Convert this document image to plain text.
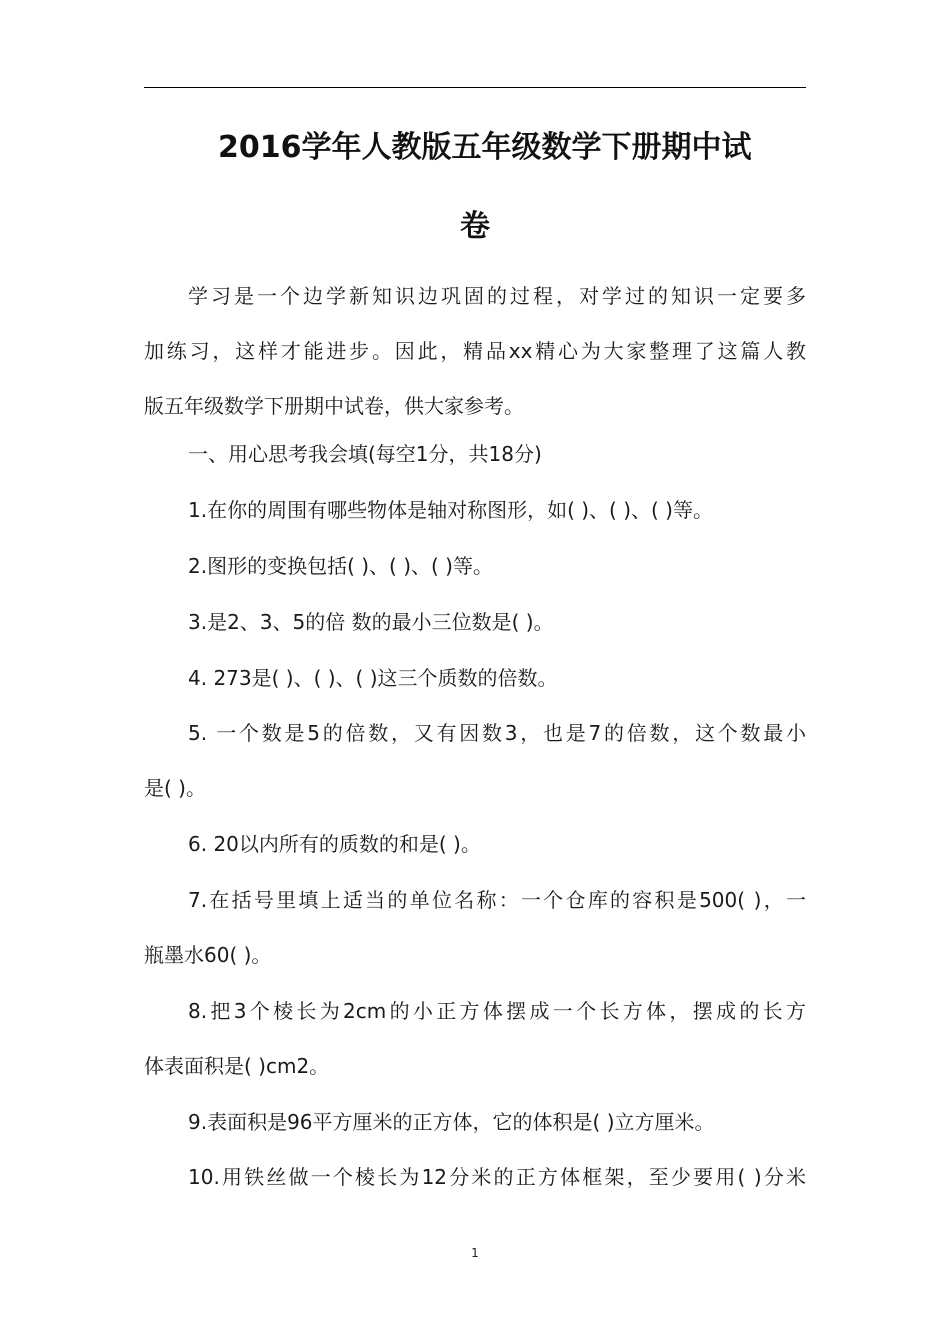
2016学年人教版五年级数学下册期中试
卷

学习是一个边学新知识边巩固的过程，对学过的知识一定要多

加练习，这样才能进步。因此，精品xx精心为大家整理了这篇人教

版五年级数学下册期中试卷，供大家参考。

一、用心思考我会填(每空1分，共18分)

1.在你的周围有哪些物体是轴对称图形，如( )、( )、( )等。

2.图形的变换包括( )、( )、( )等。

3.是2、3、5的倍 数的最小三位数是( )。

4. 273是( )、( )、( )这三个质数的倍数。

5. 一个数是5的倍数，又有因数3，也是7的倍数，这个数最小

是( )。

6. 20以内所有的质数的和是( )。

7.在括号里填上适当的单位名称：一个仓库的容积是500( )，一

瓶墨水60( )。

8.把3个棱长为2cm的小正方体摆成一个长方体，摆成的长方

体表面积是( )cm2。

9.表面积是96平方厘米的正方体，它的体积是( )立方厘米。

10.用铁丝做一个棱长为12分米的正方体框架，至少要用( )分米

1
